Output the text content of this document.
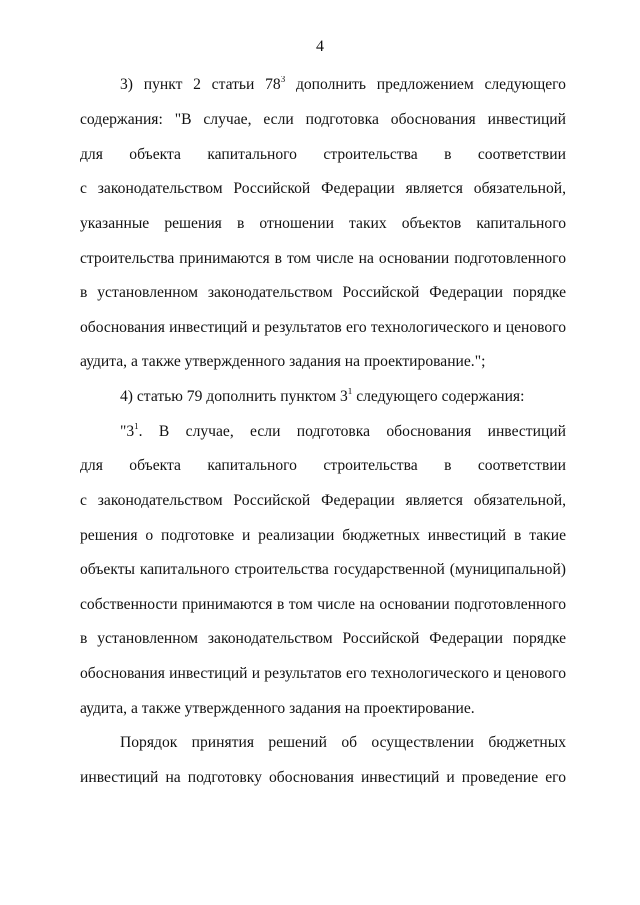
4
3) пункт 2 статьи $78^3$ дополнить предложением следующего
содержания: "В случае, если подготовка обоснования инвестиций
для объекта капитального строительства в соответствии
с законодательством Российской Федерации является обязательной,
указанные решения в отношении таких объектов капитального
строительства принимаются в том числе на основании подготовленного
в установленном законодательством Российской Федерации порядке
обоснования инвестиций и результатов его технологического и ценового
аудита, а также утвержденного задания на проектирование.";
4) статью 79 дополнить пунктом $3^1$ следующего содержания:
"$3^1$. В случае, если подготовка обоснования инвестиций
для объекта капитального строительства в соответствии
с законодательством Российской Федерации является обязательной,
решения о подготовке и реализации бюджетных инвестиций в такие
объекты капитального строительства государственной (муниципальной)
собственности принимаются в том числе на основании подготовленного
в установленном законодательством Российской Федерации порядке
обоснования инвестиций и результатов его технологического и ценового
аудита, а также утвержденного задания на проектирование.
Порядок принятия решений об осуществлении бюджетных
инвестиций на подготовку обоснования инвестиций и проведение его
